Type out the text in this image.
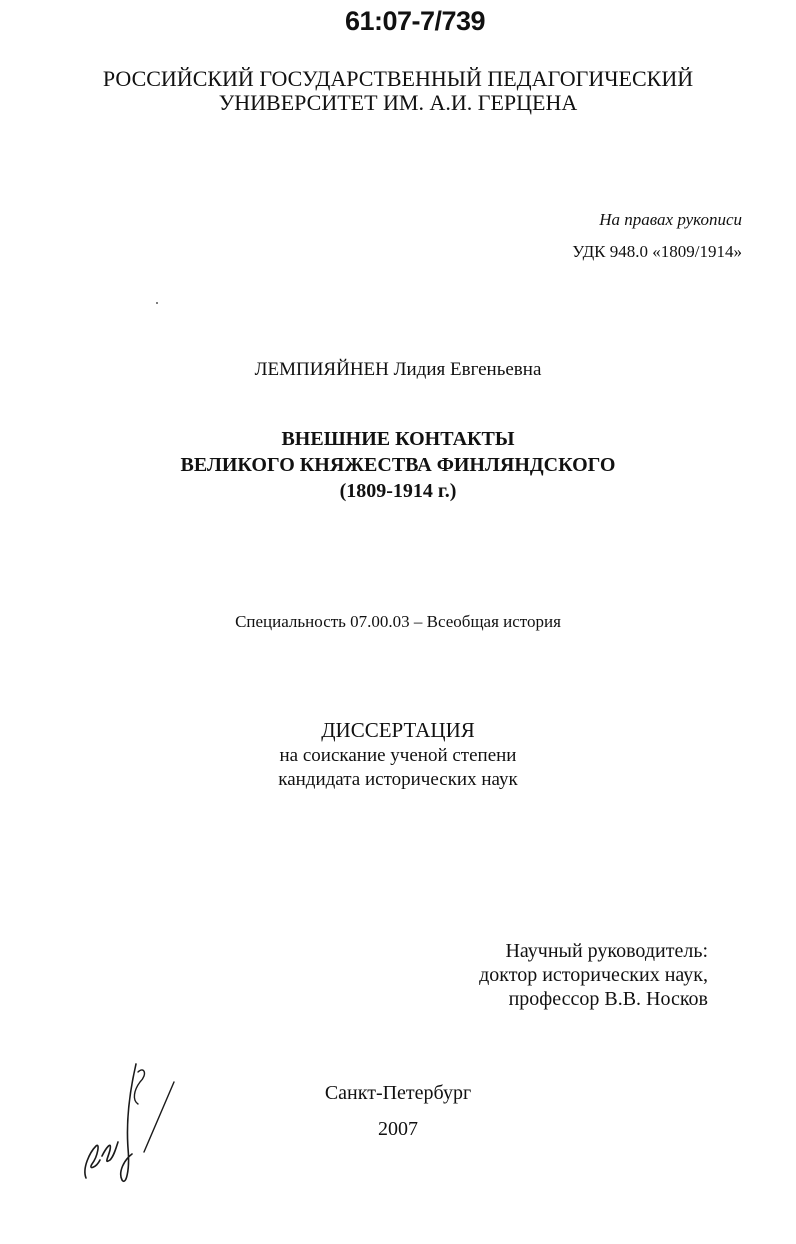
61:07-7/739
РОССИЙСКИЙ ГОСУДАРСТВЕННЫЙ ПЕДАГОГИЧЕСКИЙ
УНИВЕРСИТЕТ ИМ. А.И. ГЕРЦЕНА
На правах рукописи
УДК 948.0 «1809/1914»
ЛЕМПИЯЙНЕН Лидия Евгеньевна
ВНЕШНИЕ КОНТАКТЫ
ВЕЛИКОГО КНЯЖЕСТВА ФИНЛЯНДСКОГО
(1809-1914 г.)
Специальность 07.00.03 – Всеобщая история
ДИССЕРТАЦИЯ
на соискание ученой степени
кандидата исторических наук
Научный руководитель:
доктор исторических наук,
профессор В.В. Носков
Санкт-Петербург
2007
